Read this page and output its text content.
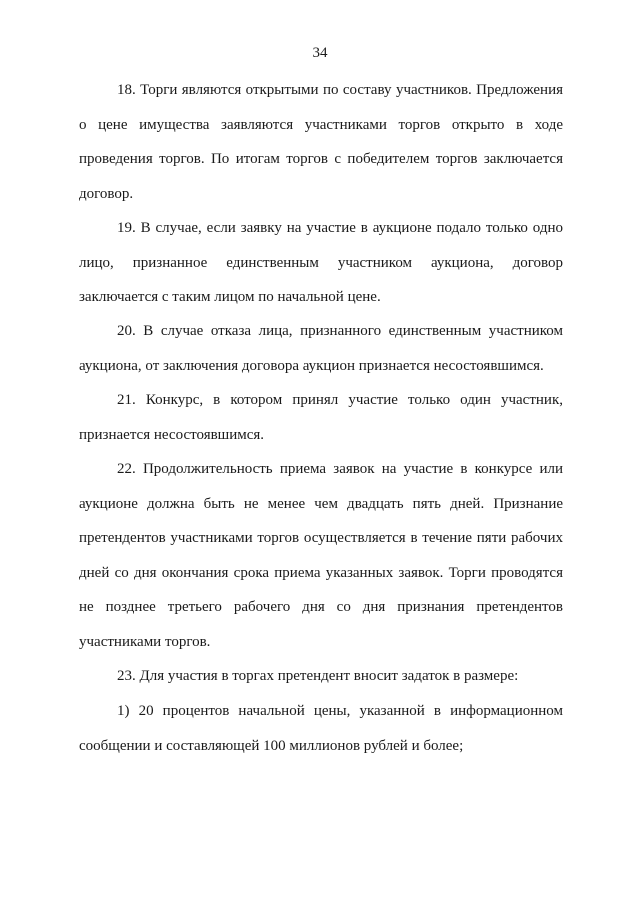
34

18. Торги являются открытыми по составу участников. Предложения о цене имущества заявляются участниками торгов открыто в ходе проведения торгов. По итогам торгов с победителем торгов заключается договор.

19. В случае, если заявку на участие в аукционе подало только одно лицо, признанное единственным участником аукциона, договор заключается с таким лицом по начальной цене.

20. В случае отказа лица, признанного единственным участником аукциона, от заключения договора аукцион признается несостоявшимся.

21. Конкурс, в котором принял участие только один участник, признается несостоявшимся.

22. Продолжительность приема заявок на участие в конкурсе или аукционе должна быть не менее чем двадцать пять дней. Признание претендентов участниками торгов осуществляется в течение пяти рабочих дней со дня окончания срока приема указанных заявок. Торги проводятся не позднее третьего рабочего дня со дня признания претендентов участниками торгов.

23. Для участия в торгах претендент вносит задаток в размере:

1) 20 процентов начальной цены, указанной в информационном сообщении и составляющей 100 миллионов рублей и более;
